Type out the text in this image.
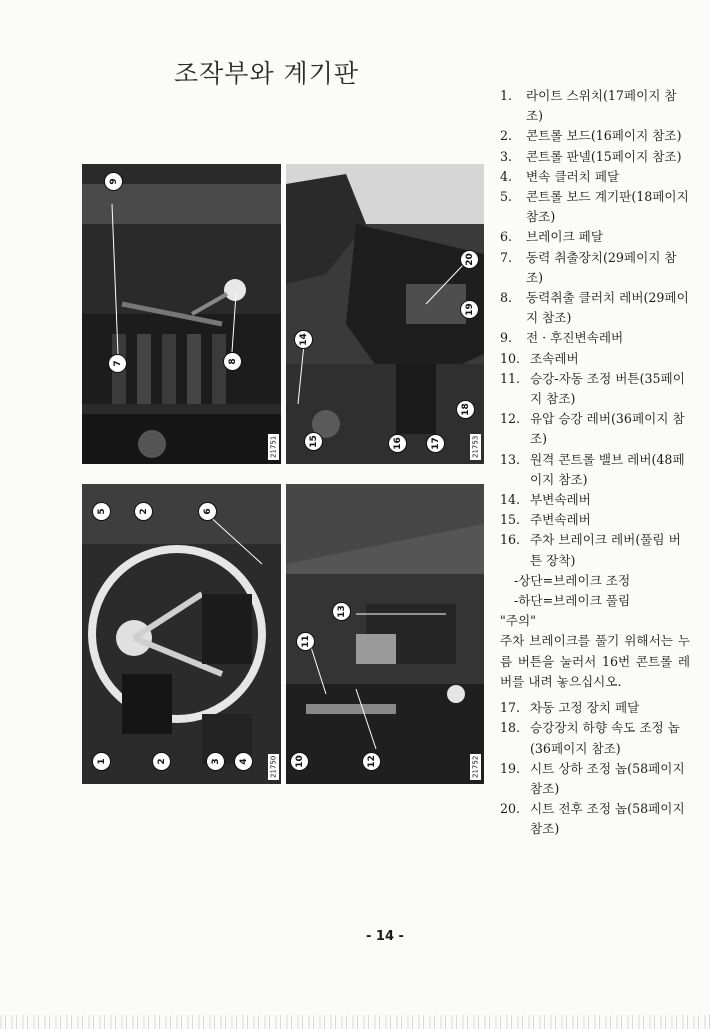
조작부와 계기판
9
7	8
21751
20
19
14
15	16	17
18
21753
5	2	6
1	2	3	4	21750
13
11
10	12	21752
1.	라이트 스위치(17페이지 참조)
2.	콘트롤 보드(16페이지 참조)
3.	콘트롤 판넬(15페이지 참조)
4.	변속 클러치 페달
5.	콘트롤 보드 계기판(18페이지 참조)
6.	브레이크 페달
7.	동력 취출장치(29페이지 참조)
8.	동력취출 클러치 레버(29페이지 참조)
9.	전 · 후진변속레버
10. 조속레버
11. 승강-자동 조정 버튼(35페이지 참조)
12. 유압 승강 레버(36페이지 참조)
13. 원격 콘트롤 밸브 레버(48페이지 참조)
14. 부변속레버
15. 주변속레버
16. 주차 브레이크 레버(풀림 버튼 장착)
-상단=브레이크 조정
-하단=브레이크 풀림
"주의"
주차 브레이크를 풀기 위해서는 누름 버튼을 눌러서 16번 콘트롤 레버를 내려 놓으십시오.
17. 차동 고정 장치 페달
18. 승강장치 하향 속도 조정 놉(36페이지 참조)
19. 시트 상하 조정 놉(58페이지 참조)
20. 시트 전후 조정 놉(58페이지 참조)
- 14 -
